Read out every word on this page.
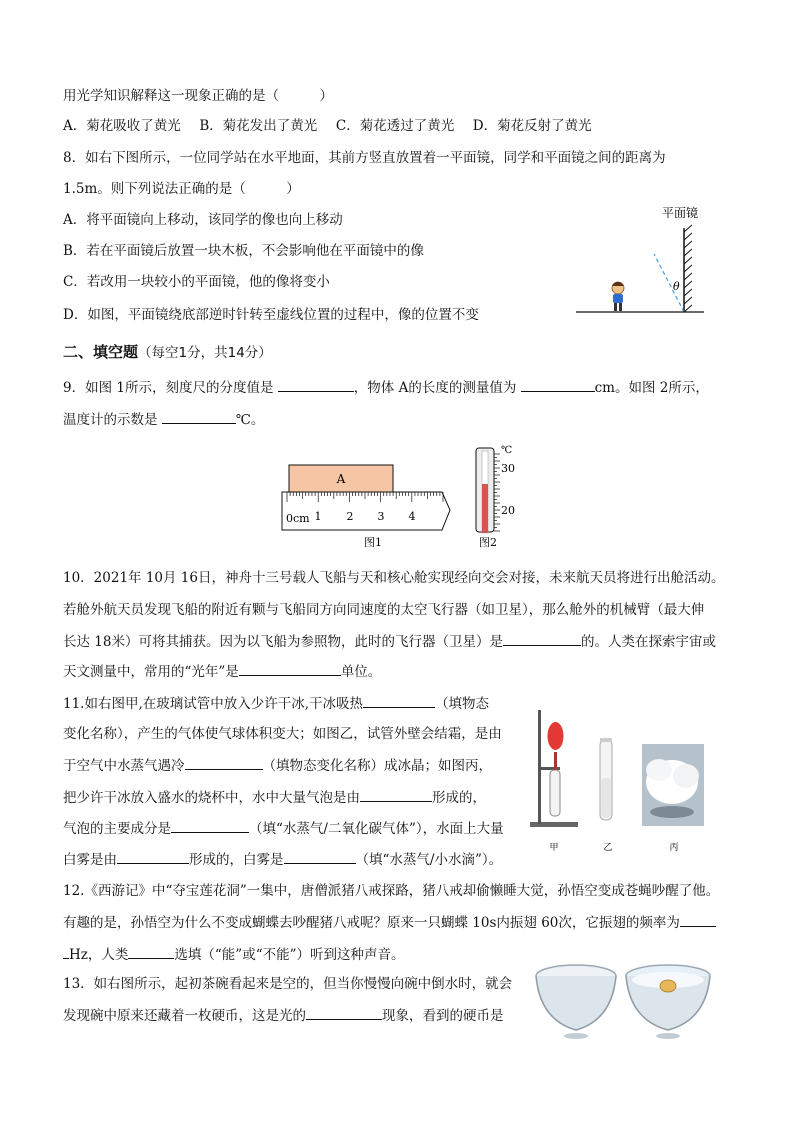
用光学知识解释这一现象正确的是（　　　）
A．菊花吸收了黄光 B．菊花发出了黄光 C．菊花透过了黄光 D．菊花反射了黄光
8．如右下图所示，一位同学站在水平地面，其前方竖直放置着一平面镜，同学和平面镜之间的距离为
1.5m。则下列说法正确的是（　　　）
A．将平面镜向上移动，该同学的像也向上移动
B．若在平面镜后放置一块木板，不会影响他在平面镜中的像
C．若改用一块较小的平面镜，他的像将变小
D．如图，平面镜绕底部逆时针转至虚线位置的过程中，像的位置不变
平面镜
θ
二、填空题（每空1分，共14分）
9．如图 1所示，刻度尺的分度值是	，物体 A的长度的测量值为	cm。如图 2所示，
温度计的示数是	℃。
A
0cm 1 2 3 4
图1
℃
30
20
图2
10．2021年 10月 16日，神舟十三号载人飞船与天和核心舱实现经向交会对接，未来航天员将进行出舱活动。
若舱外航天员发现飞船的附近有颗与飞船同方向同速度的太空飞行器（如卫星），那么舱外的机械臂（最大伸
长达 18米）可将其捕获。因为以飞船为参照物，此时的飞行器（卫星）是	的。人类在探索宇宙或
天文测量中，常用的“光年”是	单位。
11.如右图甲,在玻璃试管中放入少许干冰,干冰吸热	（填物态
变化名称），产生的气体使气球体积变大；如图乙，试管外壁会结霜，是由
于空气中水蒸气遇冷	（填物态变化名称）成冰晶；如图丙，
把少许干冰放入盛水的烧杯中，水中大量气泡是由	形成的，
气泡的主要成分是	（填“水蒸气/二氧化碳气体”），水面上大量
白雾是由	形成的，白雾是	（填“水蒸气/小水滴”）。
甲	乙	丙
12.《西游记》中“夺宝莲花洞”一集中，唐僧派猪八戒探路，猪八戒却偷懒睡大觉，孙悟空变成苍蝇吵醒了他。
有趣的是，孙悟空为什么不变成蝴蝶去吵醒猪八戒呢？原来一只蝴蝶 10s内振翅 60次，它振翅的频率为
Hz，人类	选填（“能”或“不能”）听到这种声音。
13．如右图所示，起初茶碗看起来是空的，但当你慢慢向碗中倒水时，就会
发现碗中原来还藏着一枚硬币，这是光的	现象，看到的硬币是
